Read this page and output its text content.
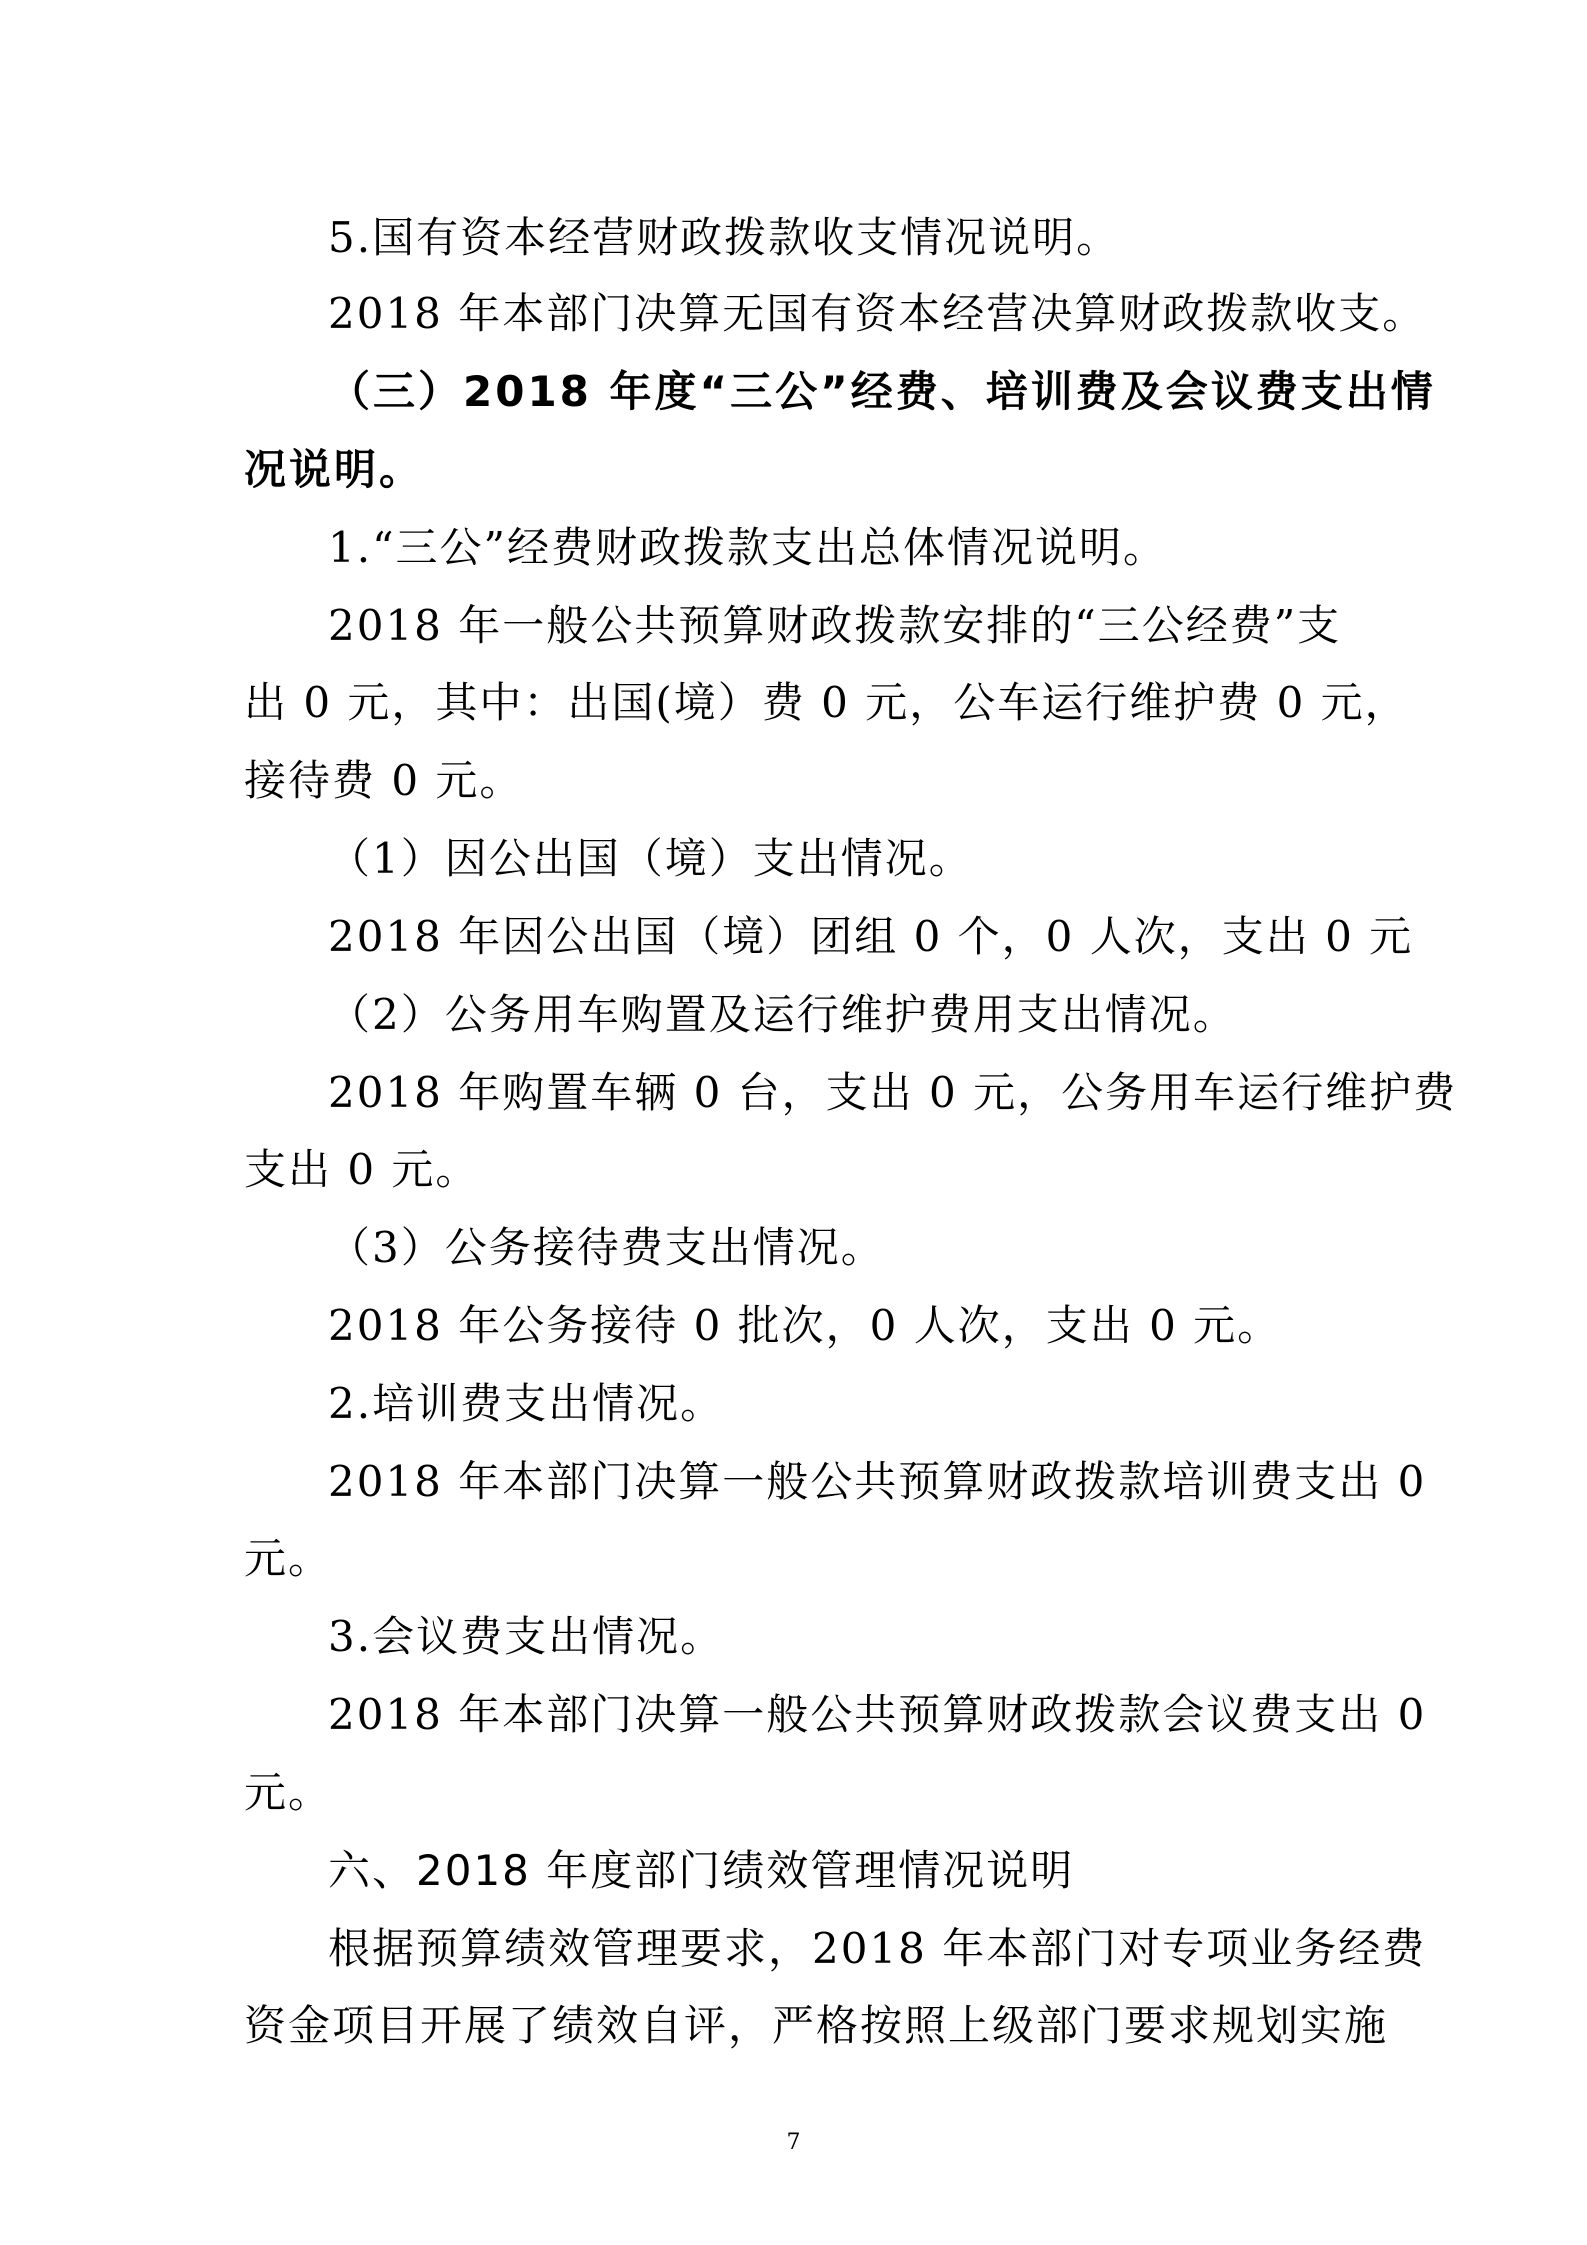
5.国有资本经营财政拨款收支情况说明。
2018 年本部门决算无国有资本经营决算财政拨款收支。
（三）2018 年度“三公”经费、培训费及会议费支出情
况说明。
1.“三公”经费财政拨款支出总体情况说明。
2018 年一般公共预算财政拨款安排的“三公经费”支
出 0 元，其中：出国(境）费 0 元，公车运行维护费 0 元，
接待费 0 元。
（1）因公出国（境）支出情况。
2018 年因公出国（境）团组 0 个，0 人次，支出 0 元
（2）公务用车购置及运行维护费用支出情况。
2018 年购置车辆 0 台，支出 0 元，公务用车运行维护费
支出 0 元。
（3）公务接待费支出情况。
2018 年公务接待 0 批次，0 人次，支出 0 元。
2.培训费支出情况。
2018 年本部门决算一般公共预算财政拨款培训费支出 0
元。
3.会议费支出情况。
2018 年本部门决算一般公共预算财政拨款会议费支出 0
元。
六、2018 年度部门绩效管理情况说明
根据预算绩效管理要求，2018 年本部门对专项业务经费
资金项目开展了绩效自评，严格按照上级部门要求规划实施
7
